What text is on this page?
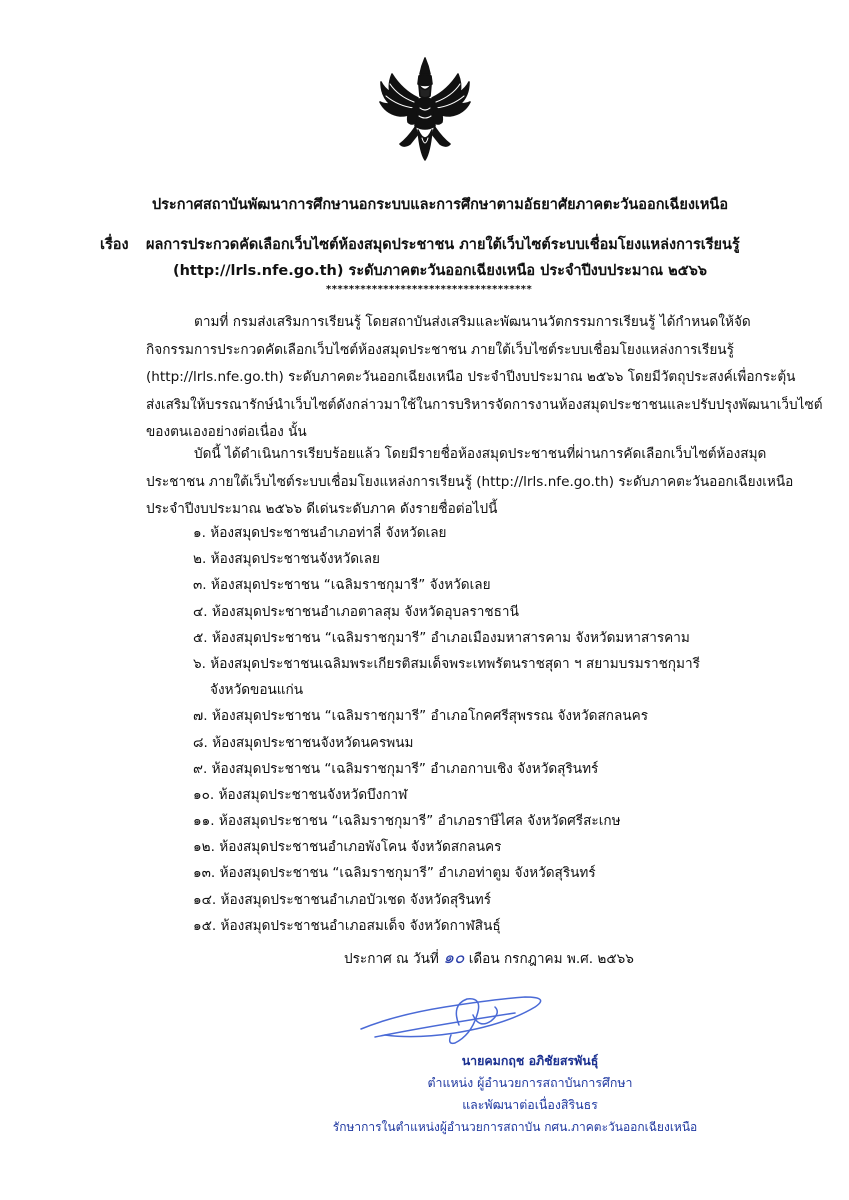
ประกาศสถาบันพัฒนาการศึกษานอกระบบและการศึกษาตามอัธยาศัยภาคตะวันออกเฉียงเหนือ
เรื่อง ผลการประกวดคัดเลือกเว็บไซต์ห้องสมุดประชาชน ภายใต้เว็บไซต์ระบบเชื่อมโยงแหล่งการเรียนรู้
(http://lrls.nfe.go.th) ระดับภาคตะวันออกเฉียงเหนือ ประจำปีงบประมาณ ๒๕๖๖
************************************
ตามที่ กรมส่งเสริมการเรียนรู้ โดยสถาบันส่งเสริมและพัฒนานวัตกรรมการเรียนรู้ ได้กำหนดให้จัด
กิจกรรมการประกวดคัดเลือกเว็บไซต์ห้องสมุดประชาชน ภายใต้เว็บไซต์ระบบเชื่อมโยงแหล่งการเรียนรู้
(http://lrls.nfe.go.th) ระดับภาคตะวันออกเฉียงเหนือ ประจำปีงบประมาณ ๒๕๖๖ โดยมีวัตถุประสงค์เพื่อกระตุ้น
ส่งเสริมให้บรรณารักษ์นำเว็บไซต์ดังกล่าวมาใช้ในการบริหารจัดการงานห้องสมุดประชาชนและปรับปรุงพัฒนาเว็บไซต์
ของตนเองอย่างต่อเนื่อง นั้น
บัดนี้ ได้ดำเนินการเรียบร้อยแล้ว โดยมีรายชื่อห้องสมุดประชาชนที่ผ่านการคัดเลือกเว็บไซต์ห้องสมุด
ประชาชน ภายใต้เว็บไซต์ระบบเชื่อมโยงแหล่งการเรียนรู้ (http://lrls.nfe.go.th) ระดับภาคตะวันออกเฉียงเหนือ
ประจำปีงบประมาณ ๒๕๖๖ ดีเด่นระดับภาค ดังรายชื่อต่อไปนี้
๑. ห้องสมุดประชาชนอำเภอท่าลี่ จังหวัดเลย
๒. ห้องสมุดประชาชนจังหวัดเลย
๓. ห้องสมุดประชาชน “เฉลิมราชกุมารี” จังหวัดเลย
๔. ห้องสมุดประชาชนอำเภอตาลสุม จังหวัดอุบลราชธานี
๕. ห้องสมุดประชาชน “เฉลิมราชกุมารี” อำเภอเมืองมหาสารคาม จังหวัดมหาสารคาม
๖. ห้องสมุดประชาชนเฉลิมพระเกียรติสมเด็จพระเทพรัตนราชสุดา ฯ สยามบรมราชกุมารี
จังหวัดขอนแก่น
๗. ห้องสมุดประชาชน “เฉลิมราชกุมารี” อำเภอโกคศรีสุพรรณ จังหวัดสกลนคร
๘. ห้องสมุดประชาชนจังหวัดนครพนม
๙. ห้องสมุดประชาชน “เฉลิมราชกุมารี” อำเภอกาบเชิง จังหวัดสุรินทร์
๑๐. ห้องสมุดประชาชนจังหวัดบึงกาฬ
๑๑. ห้องสมุดประชาชน “เฉลิมราชกุมารี” อำเภอราษีไศล จังหวัดศรีสะเกษ
๑๒. ห้องสมุดประชาชนอำเภอพังโคน จังหวัดสกลนคร
๑๓. ห้องสมุดประชาชน “เฉลิมราชกุมารี” อำเภอท่าตูม จังหวัดสุรินทร์
๑๔. ห้องสมุดประชาชนอำเภอบัวเชด จังหวัดสุรินทร์
๑๕. ห้องสมุดประชาชนอำเภอสมเด็จ จังหวัดกาฬสินธุ์
ประกาศ ณ วันที่ ๑๐ เดือน กรกฎาคม พ.ศ. ๒๕๖๖
นายคมกฤช อภิชัยสรพันธุ์
ตำแหน่ง ผู้อำนวยการสถาบันการศึกษา
และพัฒนาต่อเนื่องสิรินธร
รักษาการในตำแหน่งผู้อำนวยการสถาบัน กศน.ภาคตะวันออกเฉียงเหนือ
